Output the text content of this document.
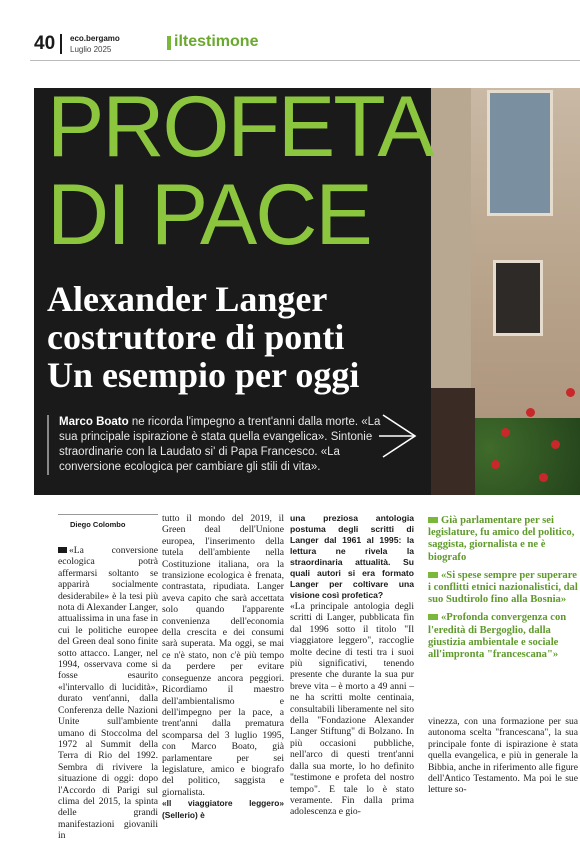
40 eco.bergamo
Luglio 2025	iltestimone
PROFETA
DI PACE
Alexander Langer
costruttore di ponti
Un esempio per oggi
Marco Boato ne ricorda l'impegno a trent'anni dalla morte. «La sua principale ispirazione è stata quella evangelica». Sintonie straordinarie con la Laudato si' di Papa Francesco. «La conversione ecologica per cambiare gli stili di vita».
Diego Colombo

«La conversione ecologica potrà affermarsi soltanto se apparirà socialmente desiderabile» è la tesi più nota di Alexander Langer, attualissima in una fase in cui le politiche europee del Green deal sono finite sotto attacco. Langer, nel 1994, osservava come si fosse esaurito «l'intervallo di lucidità», durato vent'anni, dalla Conferenza delle Nazioni Unite sull'ambiente umano di Stoccolma del 1972 al Summit della Terra di Rio del 1992. Sembra di rivivere la situazione di oggi: dopo l'Accordo di Parigi sul clima del 2015, la spinta delle grandi manifestazioni giovanili in

tutto il mondo del 2019, il Green deal dell'Unione europea, l'inserimento della tutela dell'ambiente nella Costituzione italiana, ora la transizione ecologica è frenata, contrastata, ripudiata. Langer aveva capito che sarà accettata solo quando l'apparente convenienza dell'economia della crescita e dei consumi sarà superata. Ma oggi, se mai ce n'è stato, non c'è più tempo da perdere per evitare conseguenze ancora peggiori. Ricordiamo il maestro dell'ambientalismo e dell'impegno per la pace, a trent'anni dalla prematura scomparsa del 3 luglio 1995, con Marco Boato, già parlamentare per sei legislature, amico e biografo del politico, saggista e giornalista.

«Il viaggiatore leggero» (Sellerio) è

una preziosa antologia postuma degli scritti di Langer dal 1961 al 1995: la lettura ne rivela la straordinaria attualità. Su quali autori si era formato Langer per coltivare una visione così profetica?

«La principale antologia degli scritti di Langer, pubblicata fin dal 1996 sotto il titolo "Il viaggiatore leggero", raccoglie molte decine di testi tra i suoi più significativi, tenendo presente che durante la sua pur breve vita – è morto a 49 anni – ne ha scritti molte centinaia, consultabili liberamente nel sito della "Fondazione Alexander Langer Stiftung" di Bolzano. In più occasioni pubbliche, nell'arco di questi trent'anni dalla sua morte, lo ho definito "testimone e profeta del nostro tempo". E tale lo è stato veramente. Fin dalla prima adolescenza e gio-

Già parlamentare per sei legislature, fu amico del politico, saggista, giornalista e ne è biografo
«Si spese sempre per superare i conflitti etnici nazionalistici, dal suo Sudtirolo fino alla Bosnia»
«Profonda convergenza con l'eredità di Bergoglio, dalla giustizia ambientale e sociale all'impronta "francescana"»

vinezza, con una formazione per sua autonoma scelta "francescana", la sua principale fonte di ispirazione è stata quella evangelica, e più in generale la Bibbia, anche in riferimento alle figure dell'Antico Testamento. Ma poi le sue letture so-
